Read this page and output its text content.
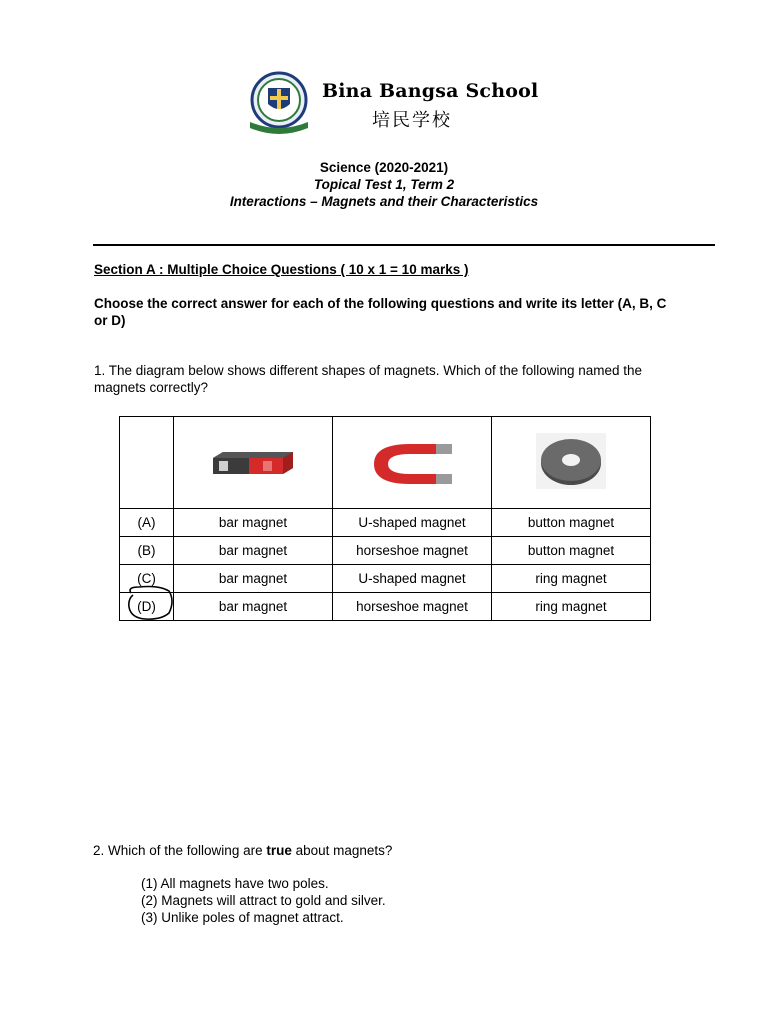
Bina Bangsa School
培民学校
Science (2020-2021)
Topical Test 1, Term 2
Interactions – Magnets and their Characteristics
Section A : Multiple Choice Questions ( 10 x 1 = 10 marks )
Choose the correct answer for each of the following questions and write its letter (A, B, C or D)
1. The diagram below shows different shapes of magnets. Which of the following named the magnets correctly?

(A)	bar magnet	U-shaped magnet	button magnet
(B)	bar magnet	horseshoe magnet	button magnet
(C)	bar magnet	U-shaped magnet	ring magnet
(D)	bar magnet	horseshoe magnet	ring magnet
2. Which of the following are true about magnets?
(1) All magnets have two poles.
(2) Magnets will attract to gold and silver.
(3) Unlike poles of magnet attract.
